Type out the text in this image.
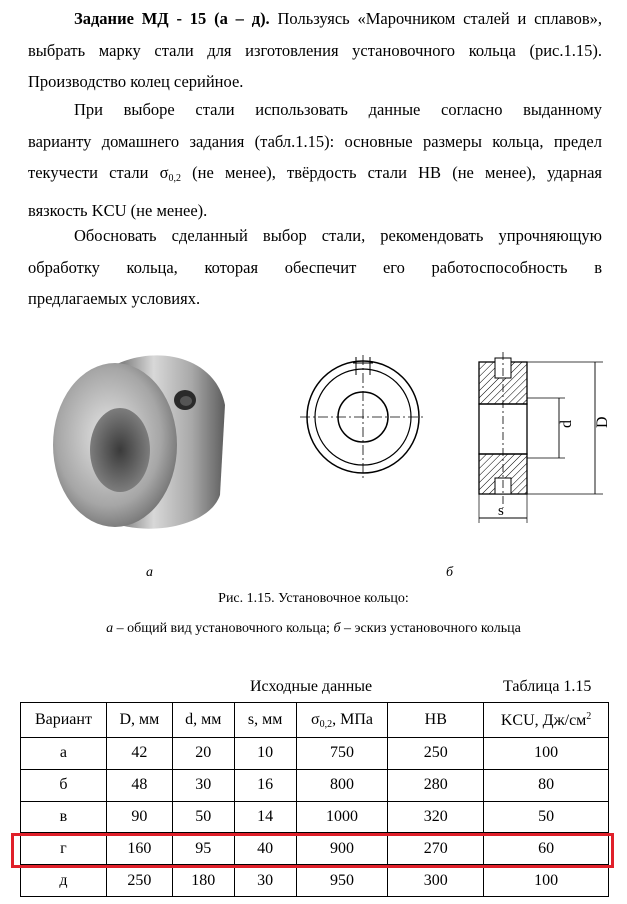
Задание МД - 15 (а – д). Пользуясь «Марочником сталей и сплавов»,
выбрать марку стали для изготовления установочного кольца (рис.1.15).
Производство колец серийное.
При выборе стали использовать данные согласно выданному
варианту домашнего задания (табл.1.15): основные размеры кольца, предел
текучести стали $\sigma_{0,2}$ (не менее), твёрдость стали HB (не менее), ударная
вязкость KCU (не менее).
Обосновать сделанный выбор стали, рекомендовать упрочняющую
обработку кольца, которая обеспечит его работоспособность в
предлагаемых условиях.
d D
s
а	б
Рис. 1.15. Установочное кольцо:
а – общий вид установочного кольца; б – эскиз установочного кольца
Исходные данные	Таблица 1.15
Вариант	D, мм	d, мм	s, мм	$\sigma_{0,2}$, МПа	HB	KCU, $Дж/см^2$
а	42	20	10	750	250	100
б	48	30	16	800	280	80
в	90	50	14	1000	320	50
г	160	95	40	900	270	60
д	250	180	30	950	300	100
